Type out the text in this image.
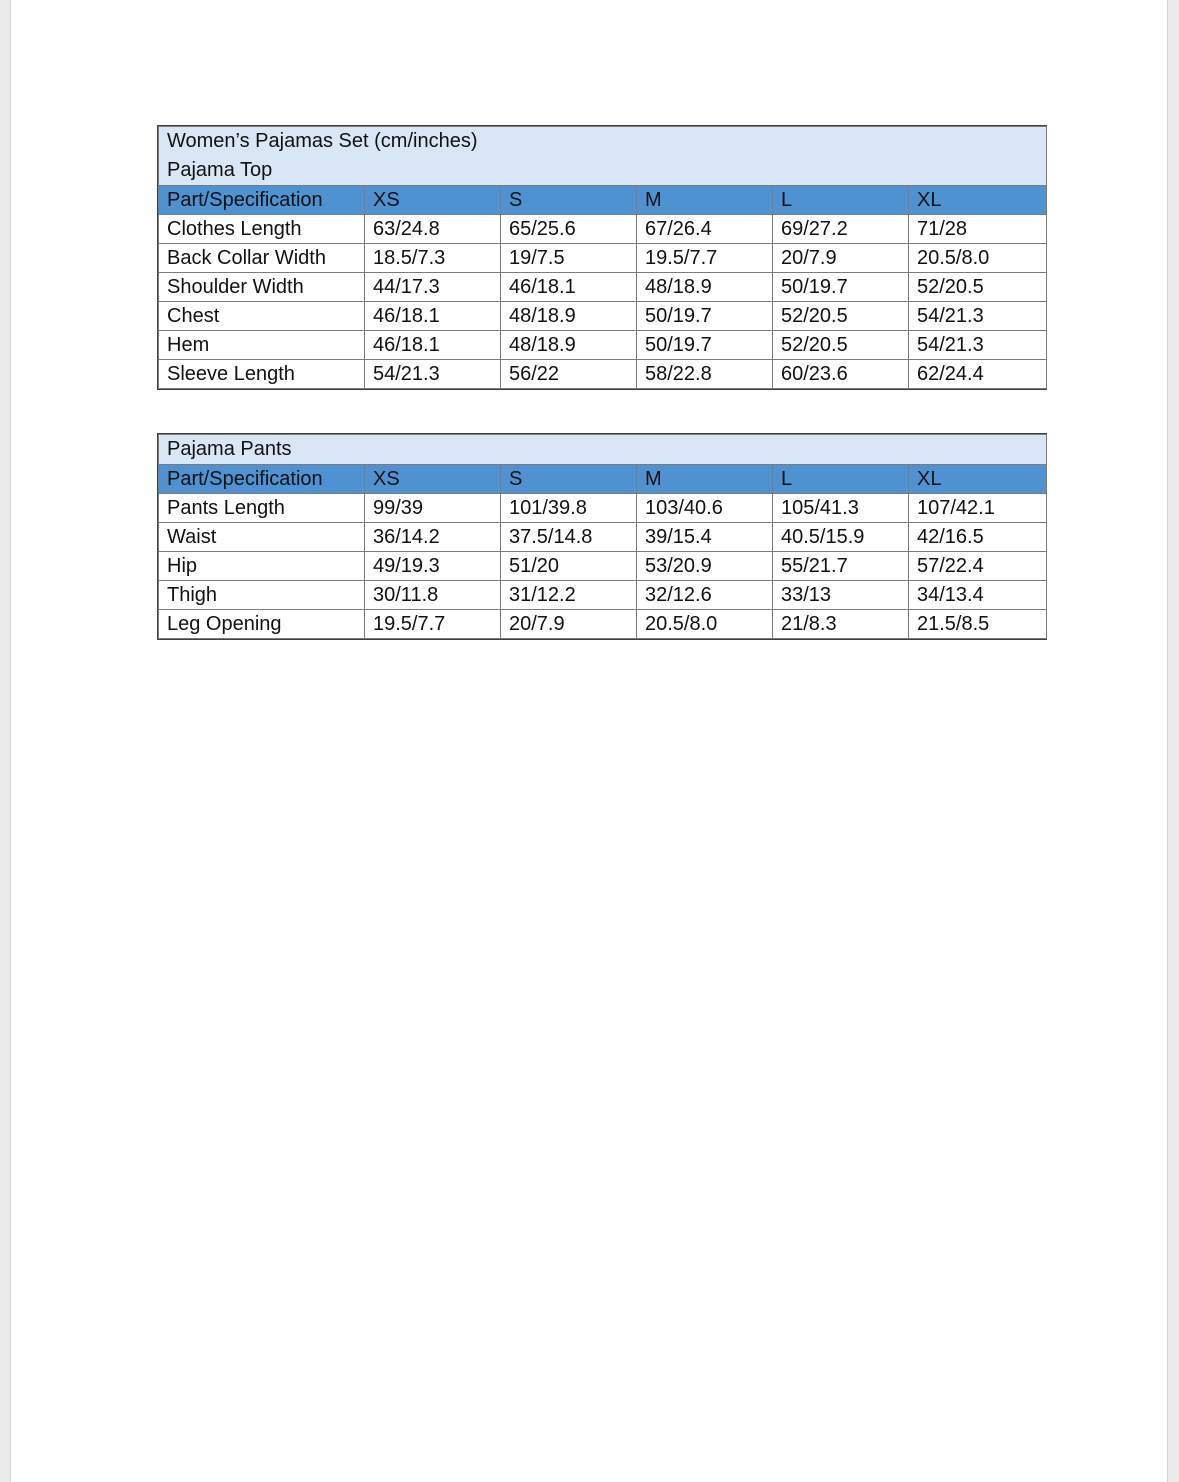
Women’s Pajamas Set (cm/inches)
Pajama Top					

Part/Specification	XS	S	M	L	XL
Clothes Length	63/24.8	65/25.6	67/26.4	69/27.2	71/28
Back Collar Width	18.5/7.3	19/7.5	19.5/7.7	20/7.9	20.5/8.0
Shoulder Width	44/17.3	46/18.1	48/18.9	50/19.7	52/20.5
Chest	46/18.1	48/18.9	50/19.7	52/20.5	54/21.3
Hem	46/18.1	48/18.9	50/19.7	52/20.5	54/21.3
Sleeve Length	54/21.3	56/22	58/22.8	60/23.6	62/24.4
Pajama Pants					

Part/Specification	XS	S	M	L	XL
Pants Length	99/39	101/39.8	103/40.6	105/41.3	107/42.1
Waist	36/14.2	37.5/14.8	39/15.4	40.5/15.9	42/16.5
Hip	49/19.3	51/20	53/20.9	55/21.7	57/22.4
Thigh	30/11.8	31/12.2	32/12.6	33/13	34/13.4
Leg Opening	19.5/7.7	20/7.9	20.5/8.0	21/8.3	21.5/8.5
